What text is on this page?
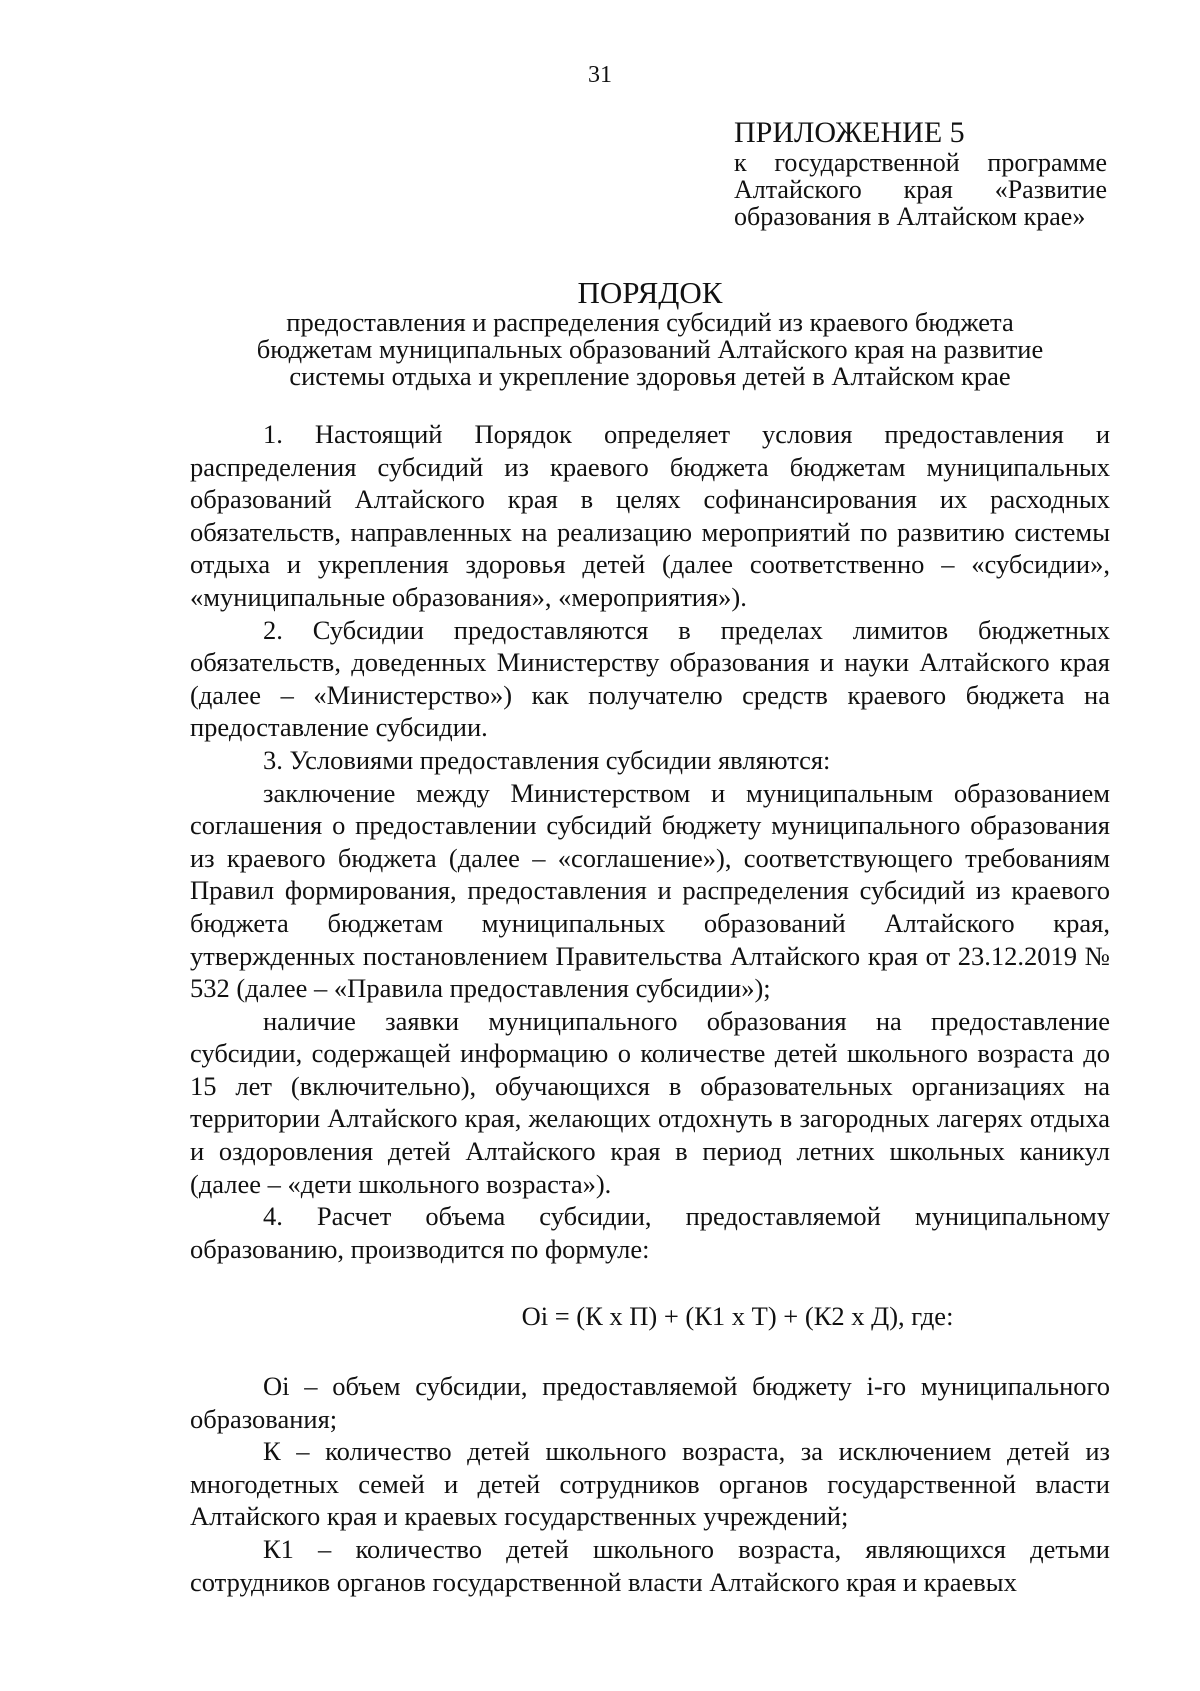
31
ПРИЛОЖЕНИЕ 5
к государственной программе
Алтайского края «Развитие
образования в Алтайском крае»
ПОРЯДОК
предоставления и распределения субсидий из краевого бюджета
бюджетам муниципальных образований Алтайского края на развитие
системы отдыха и укрепление здоровья детей в Алтайском крае

1. Настоящий Порядок определяет условия предоставления и распределения субсидий из краевого бюджета бюджетам муниципальных образований Алтайского края в целях софинансирования их расходных обязательств, направленных на реализацию мероприятий по развитию системы отдыха и укрепления здоровья детей (далее соответственно – «субсидии», «муниципальные образования», «мероприятия»).

2. Субсидии предоставляются в пределах лимитов бюджетных обязательств, доведенных Министерству образования и науки Алтайского края (далее – «Министерство») как получателю средств краевого бюджета на предоставление субсидии.

3. Условиями предоставления субсидии являются:

заключение между Министерством и муниципальным образованием соглашения о предоставлении субсидий бюджету муниципального образования из краевого бюджета (далее – «соглашение»), соответствующего требованиям Правил формирования, предоставления и распределения субсидий из краевого бюджета бюджетам муниципальных образований Алтайского края, утвержденных постановлением Правительства Алтайского края от 23.12.2019 № 532 (далее – «Правила предоставления субсидии»);

наличие заявки муниципального образования на предоставление субсидии, содержащей информацию о количестве детей школьного возраста до 15 лет (включительно), обучающихся в образовательных организациях на территории Алтайского края, желающих отдохнуть в загородных лагерях отдыха и оздоровления детей Алтайского края в период летних школьных каникул (далее – «дети школьного возраста»).

4. Расчет объема субсидии, предоставляемой муниципальному образованию, производится по формуле:

Oi = (К х П) + (К1 х Т) + (К2 х Д), где:

Oi – объем субсидии, предоставляемой бюджету i-го муниципального образования;

К – количество детей школьного возраста, за исключением детей из многодетных семей и детей сотрудников органов государственной власти Алтайского края и краевых государственных учреждений;

К1 – количество детей школьного возраста, являющихся детьми сотрудников органов государственной власти Алтайского края и краевых
